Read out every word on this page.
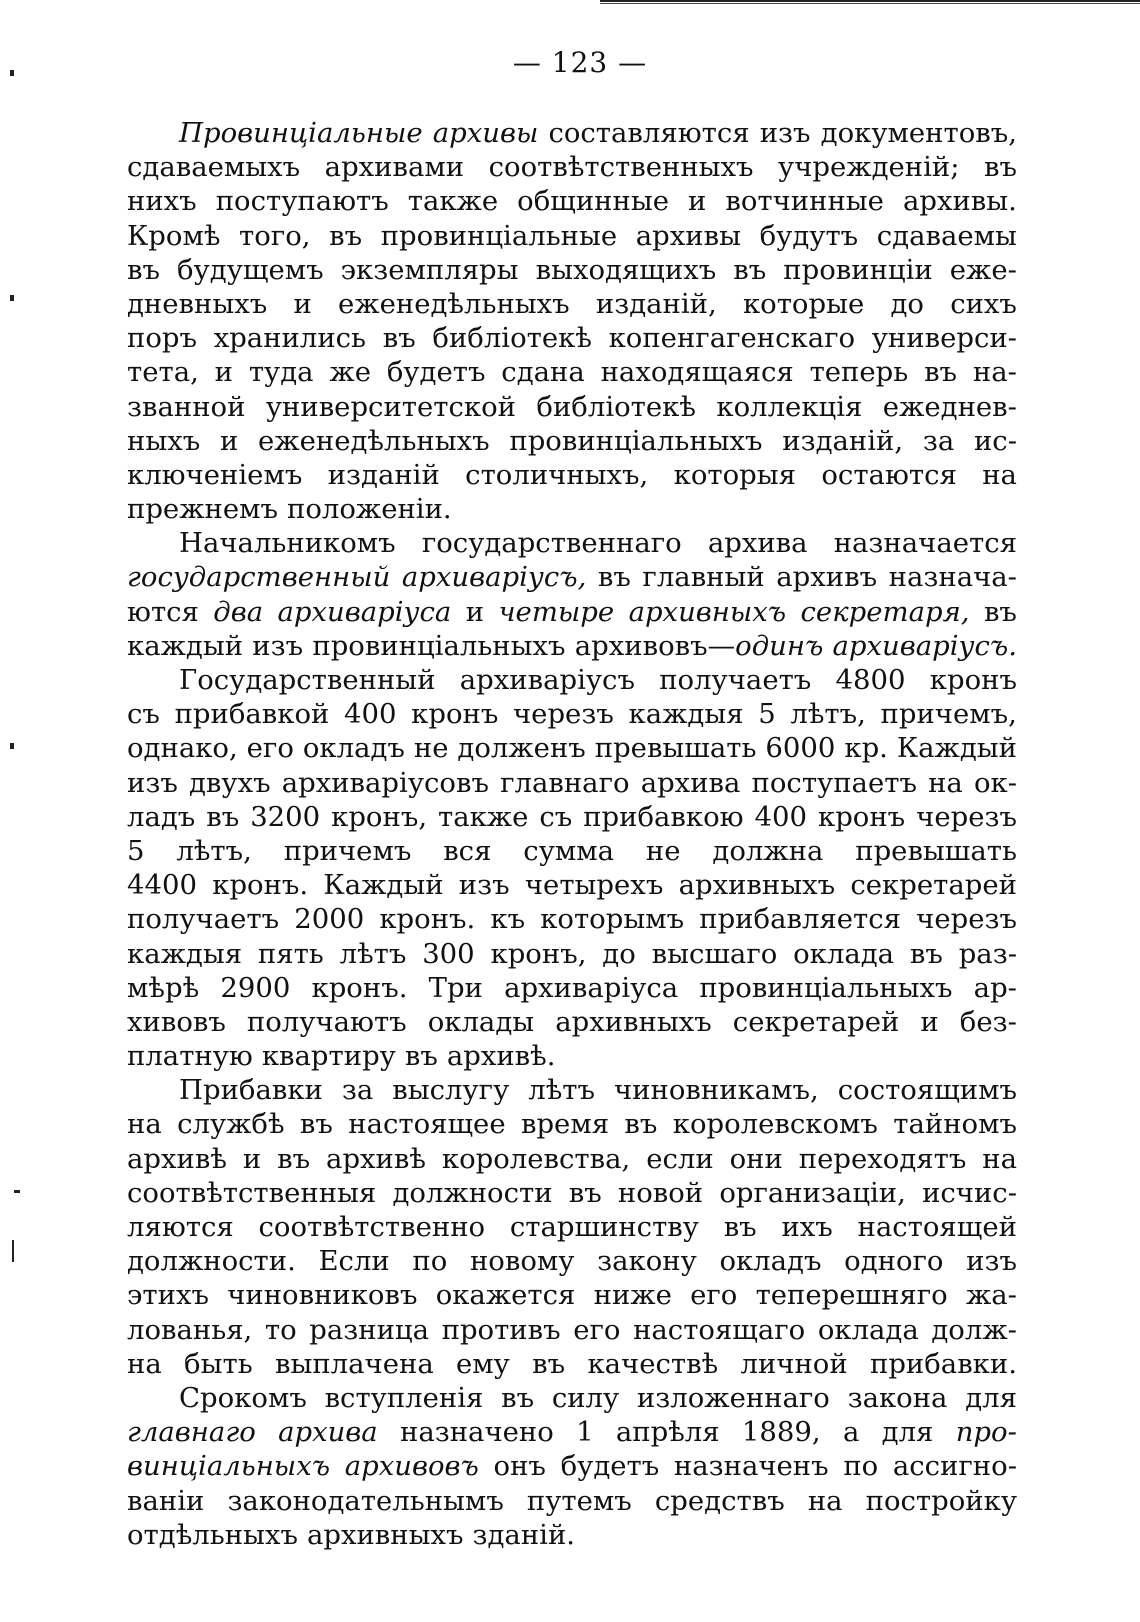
— 123 —
Провинціальные архивы составляются изъ документовъ,
сдаваемыхъ архивами соотвѣтственныхъ учрежденій; въ
нихъ поступаютъ также общинные и вотчинные архивы.
Кромѣ того, въ провинціальные архивы будутъ сдаваемы
въ будущемъ экземпляры выходящихъ въ провинціи еже-
дневныхъ и еженедѣльныхъ изданій, которые до сихъ
поръ хранились въ библіотекѣ копенгагенскаго универси-
тета, и туда же будетъ сдана находящаяся теперь въ на-
званной университетской библіотекѣ коллекція ежеднев-
ныхъ и еженедѣльныхъ провинціальныхъ изданій, за ис-
ключеніемъ изданій столичныхъ, которыя остаются на
прежнемъ положеніи.
Начальникомъ государственнаго архива назначается
государственный архиваріусъ, въ главный архивъ назнача-
ются два архиваріуса и четыре архивныхъ секретаря, въ
каждый изъ провинціальныхъ архивовъ—одинъ архиваріусъ.
Государственный архиваріусъ получаетъ 4800 кронъ
съ прибавкой 400 кронъ черезъ каждыя 5 лѣтъ, причемъ,
однако, его окладъ не долженъ превышать 6000 кр. Каждый
изъ двухъ архиваріусовъ главнаго архива поступаетъ на ок-
ладъ въ 3200 кронъ, также съ прибавкою 400 кронъ черезъ
5 лѣтъ, причемъ вся сумма не должна превышать
4400 кронъ. Каждый изъ четырехъ архивныхъ секретарей
получаетъ 2000 кронъ. къ которымъ прибавляется черезъ
каждыя пять лѣтъ 300 кронъ, до высшаго оклада въ раз-
мѣрѣ 2900 кронъ. Три архиваріуса провинціальныхъ ар-
хивовъ получаютъ оклады архивныхъ секретарей и без-
платную квартиру въ архивѣ.
Прибавки за выслугу лѣтъ чиновникамъ, состоящимъ
на службѣ въ настоящее время въ королевскомъ тайномъ
архивѣ и въ архивѣ королевства, если они переходятъ на
соотвѣтственныя должности въ новой организаціи, исчис-
ляются соотвѣтственно старшинству въ ихъ настоящей
должности. Если по новому закону окладъ одного изъ
этихъ чиновниковъ окажется ниже его теперешняго жа-
лованья, то разница противъ его настоящаго оклада долж-
на быть выплачена ему въ качествѣ личной прибавки.
Срокомъ вступленія въ силу изложеннаго закона для
главнаго архива назначено 1 апрѣля 1889, а для про-
винціальныхъ архивовъ онъ будетъ назначенъ по ассигно-
ваніи законодательнымъ путемъ средствъ на постройку
отдѣльныхъ архивныхъ зданій.
